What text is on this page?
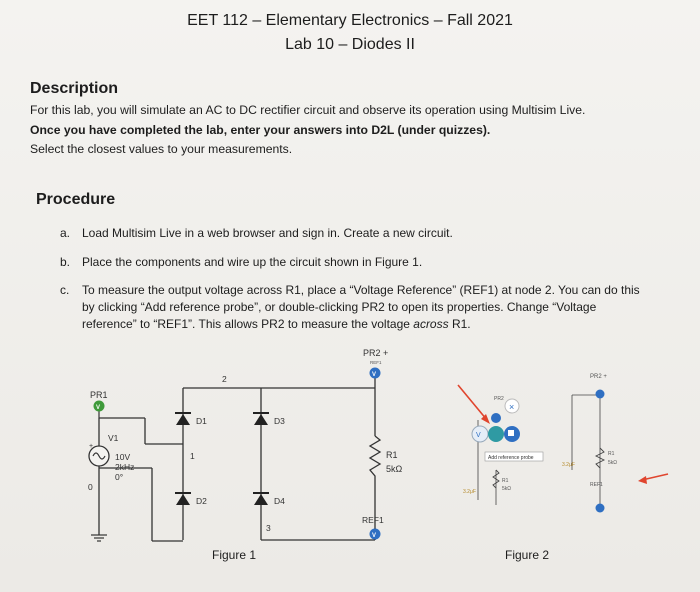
EET 112 – Elementary Electronics – Fall 2021
Lab 10 – Diodes II
Description
For this lab, you will simulate an AC to DC rectifier circuit and observe its operation using Multisim Live.
Once you have completed the lab, enter your answers into D2L (under quizzes).
Select the closest values to your measurements.
Procedure
a. Load Multisim Live in a web browser and sign in. Create a new circuit.
b. Place the components and wire up the circuit shown in Figure 1.
c. To measure the output voltage across R1, place a “Voltage Reference” (REF1) at node 2. You can do this by clicking “Add reference probe”, or double-clicking PR2 to open its properties. Change “Voltage reference” to “REF1”. This allows PR2 to measure the voltage across R1.
+
V
V
V
PR1
PR2 +
REF1
V1
10V
2kHz
0°
0
D1	D3
D2	D4
2
1
3
R1
5kΩ
REF1
Figure 1
×
V
Add reference probe
PR2
R1
5kΩ
3.2μF
PR2 +
R1
5kΩ
3.2μF
REF1
Figure 2
